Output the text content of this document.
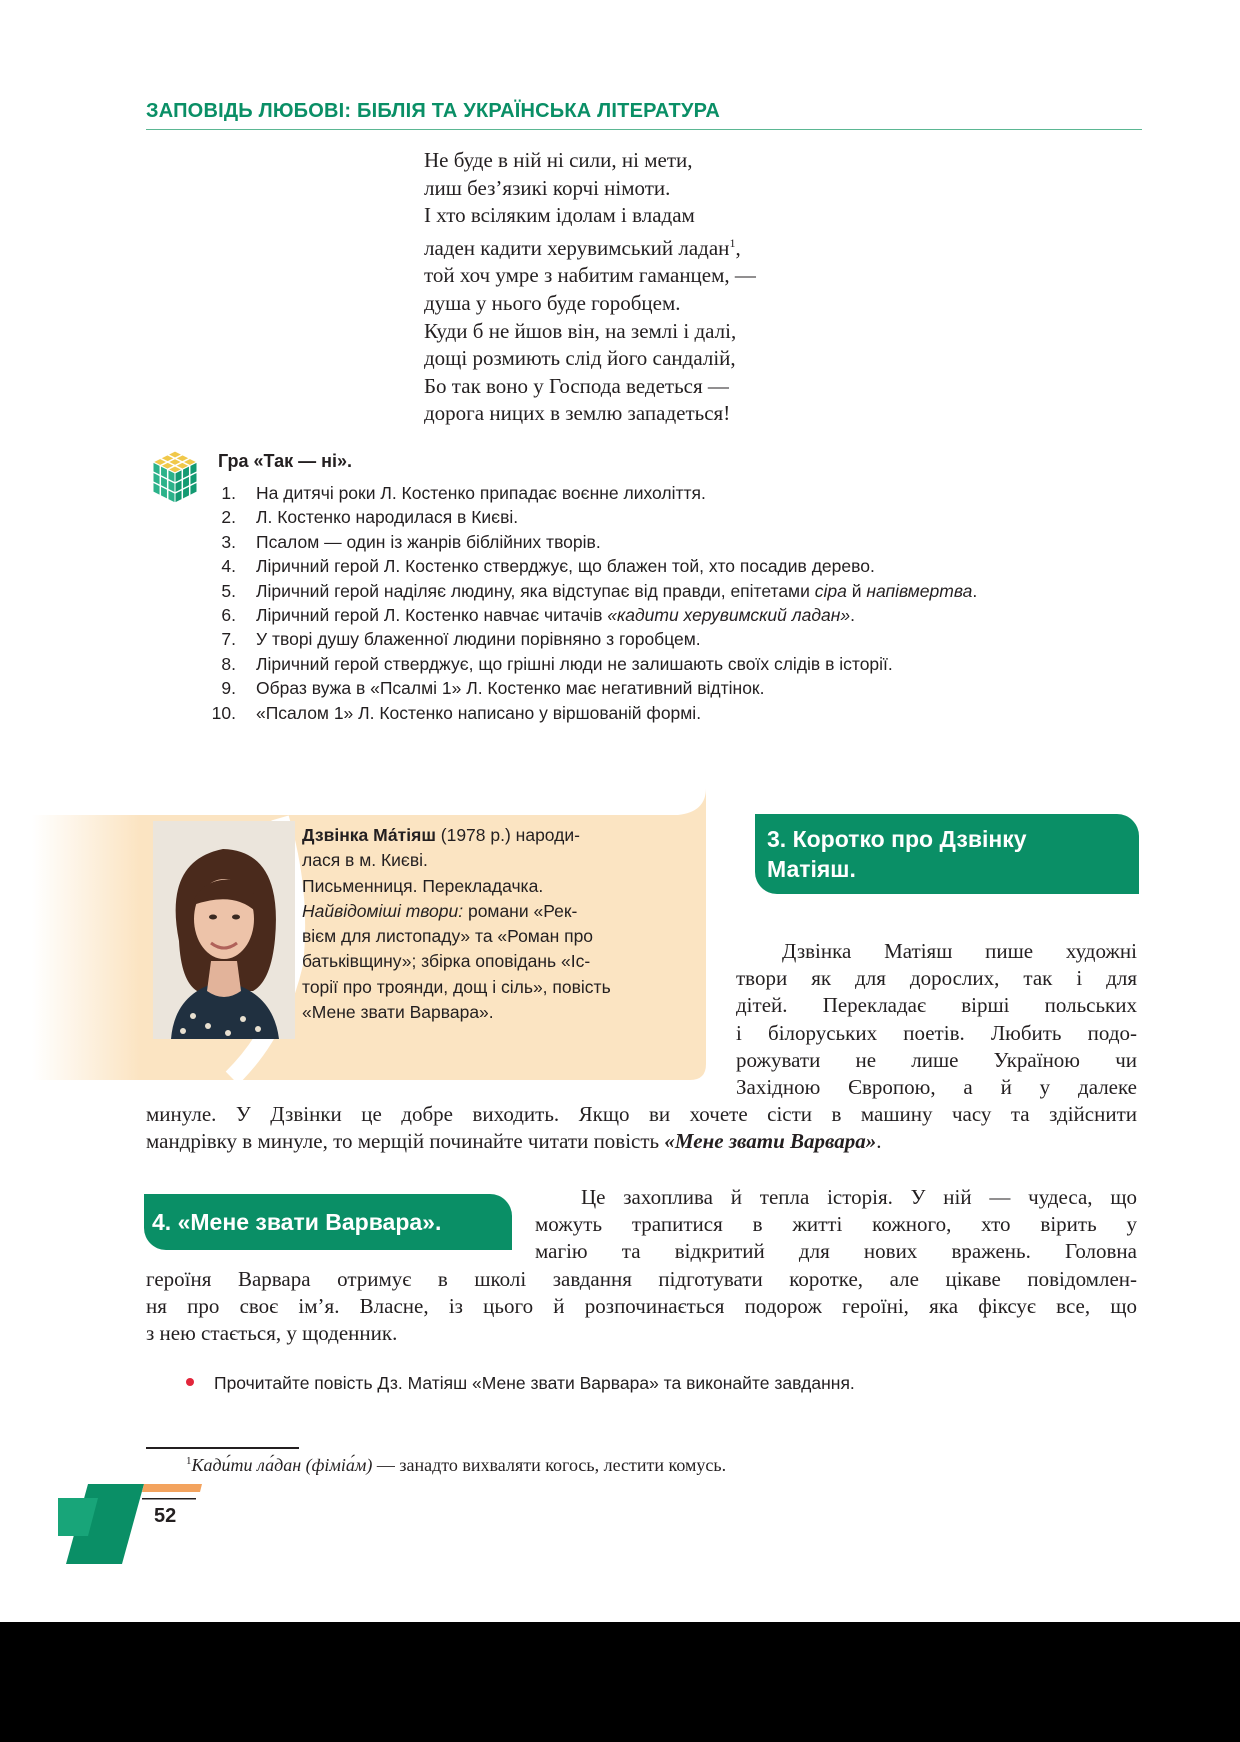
ЗАПОВІДЬ ЛЮБОВІ: БІБЛІЯ ТА УКРАЇНСЬКА ЛІТЕРАТУРА
Не буде в ній ні сили, ні мети,
лиш без’язикі корчі німоти.
І хто всіляким ідолам і владам
ладен кадити херувимський ладан$^1$,
той хоч умре з набитим гаманцем, —
душа у нього буде горобцем.
Куди б не йшов він, на землі і далі,
дощі розмиють слід його сандалій,
Бо так воно у Господа ведеться —
дорога ницих в землю западеться!
Гра «Так — ні».
1. На дитячі роки Л. Костенко припадає воєнне лихоліття.
2. Л. Костенко народилася в Києві.
3. Псалом — один із жанрів біблійних творів.
4. Ліричний герой Л. Костенко стверджує, що блажен той, хто посадив дерево.
5. Ліричний герой наділяє людину, яка відступає від правди, епітетами сіра й напівмертва.
6. Ліричний герой Л. Костенко навчає читачів «кадити херувимский ладан».
7. У творі душу блаженної людини порівняно з горобцем.
8. Ліричний герой стверджує, що грішні люди не залишають своїх слідів в історії.
9. Образ вужа в «Псалмі 1» Л. Костенко має негативний відтінок.
10. «Псалом 1» Л. Костенко написано у віршованій формі.
Дзвінка Ма́тіяш (1978 р.) народи-
лася в м. Києві.
Письменниця. Перекладачка.
Найвідоміші твори: романи «Рек-
вієм для листопаду» та «Роман про
батьківщину»; збірка оповідань «Іс-
торії про троянди, дощ і сіль», повість
«Мене звати Варвара».
3. Коротко про Дзвінку
Матіяш.
Дзвінка Матіяш пише художні
твори як для дорослих, так і для
дітей. Перекладає вірші польських
і білоруських поетів. Любить подо-
рожувати не лише Україною чи
Західною Європою, а й у далеке
минуле. У Дзвінки це добре виходить. Якщо ви хочете сісти в машину часу та здійснити
мандрівку в минуле, то мерщій починайте читати повість «Мене звати Варвара».
4. «Мене звати Варвара».
Це захоплива й тепла історія. У ній — чудеса, що
можуть трапитися в житті кожного, хто вірить у
магію та відкритий для нових вражень. Головна
героїня Варвара отримує в школі завдання підготувати коротке, але цікаве повідомлен-
ня про своє ім’я. Власне, із цього й розпочинається подорож героїні, яка фіксує все, що
з нею стається, у щоденник.
Прочитайте повість Дз. Матіяш «Мене звати Варвара» та виконайте завдання.
$^1$Кади́ти ла́дан (фіміа́м) — занадто вихваляти когось, лестити комусь.
52
